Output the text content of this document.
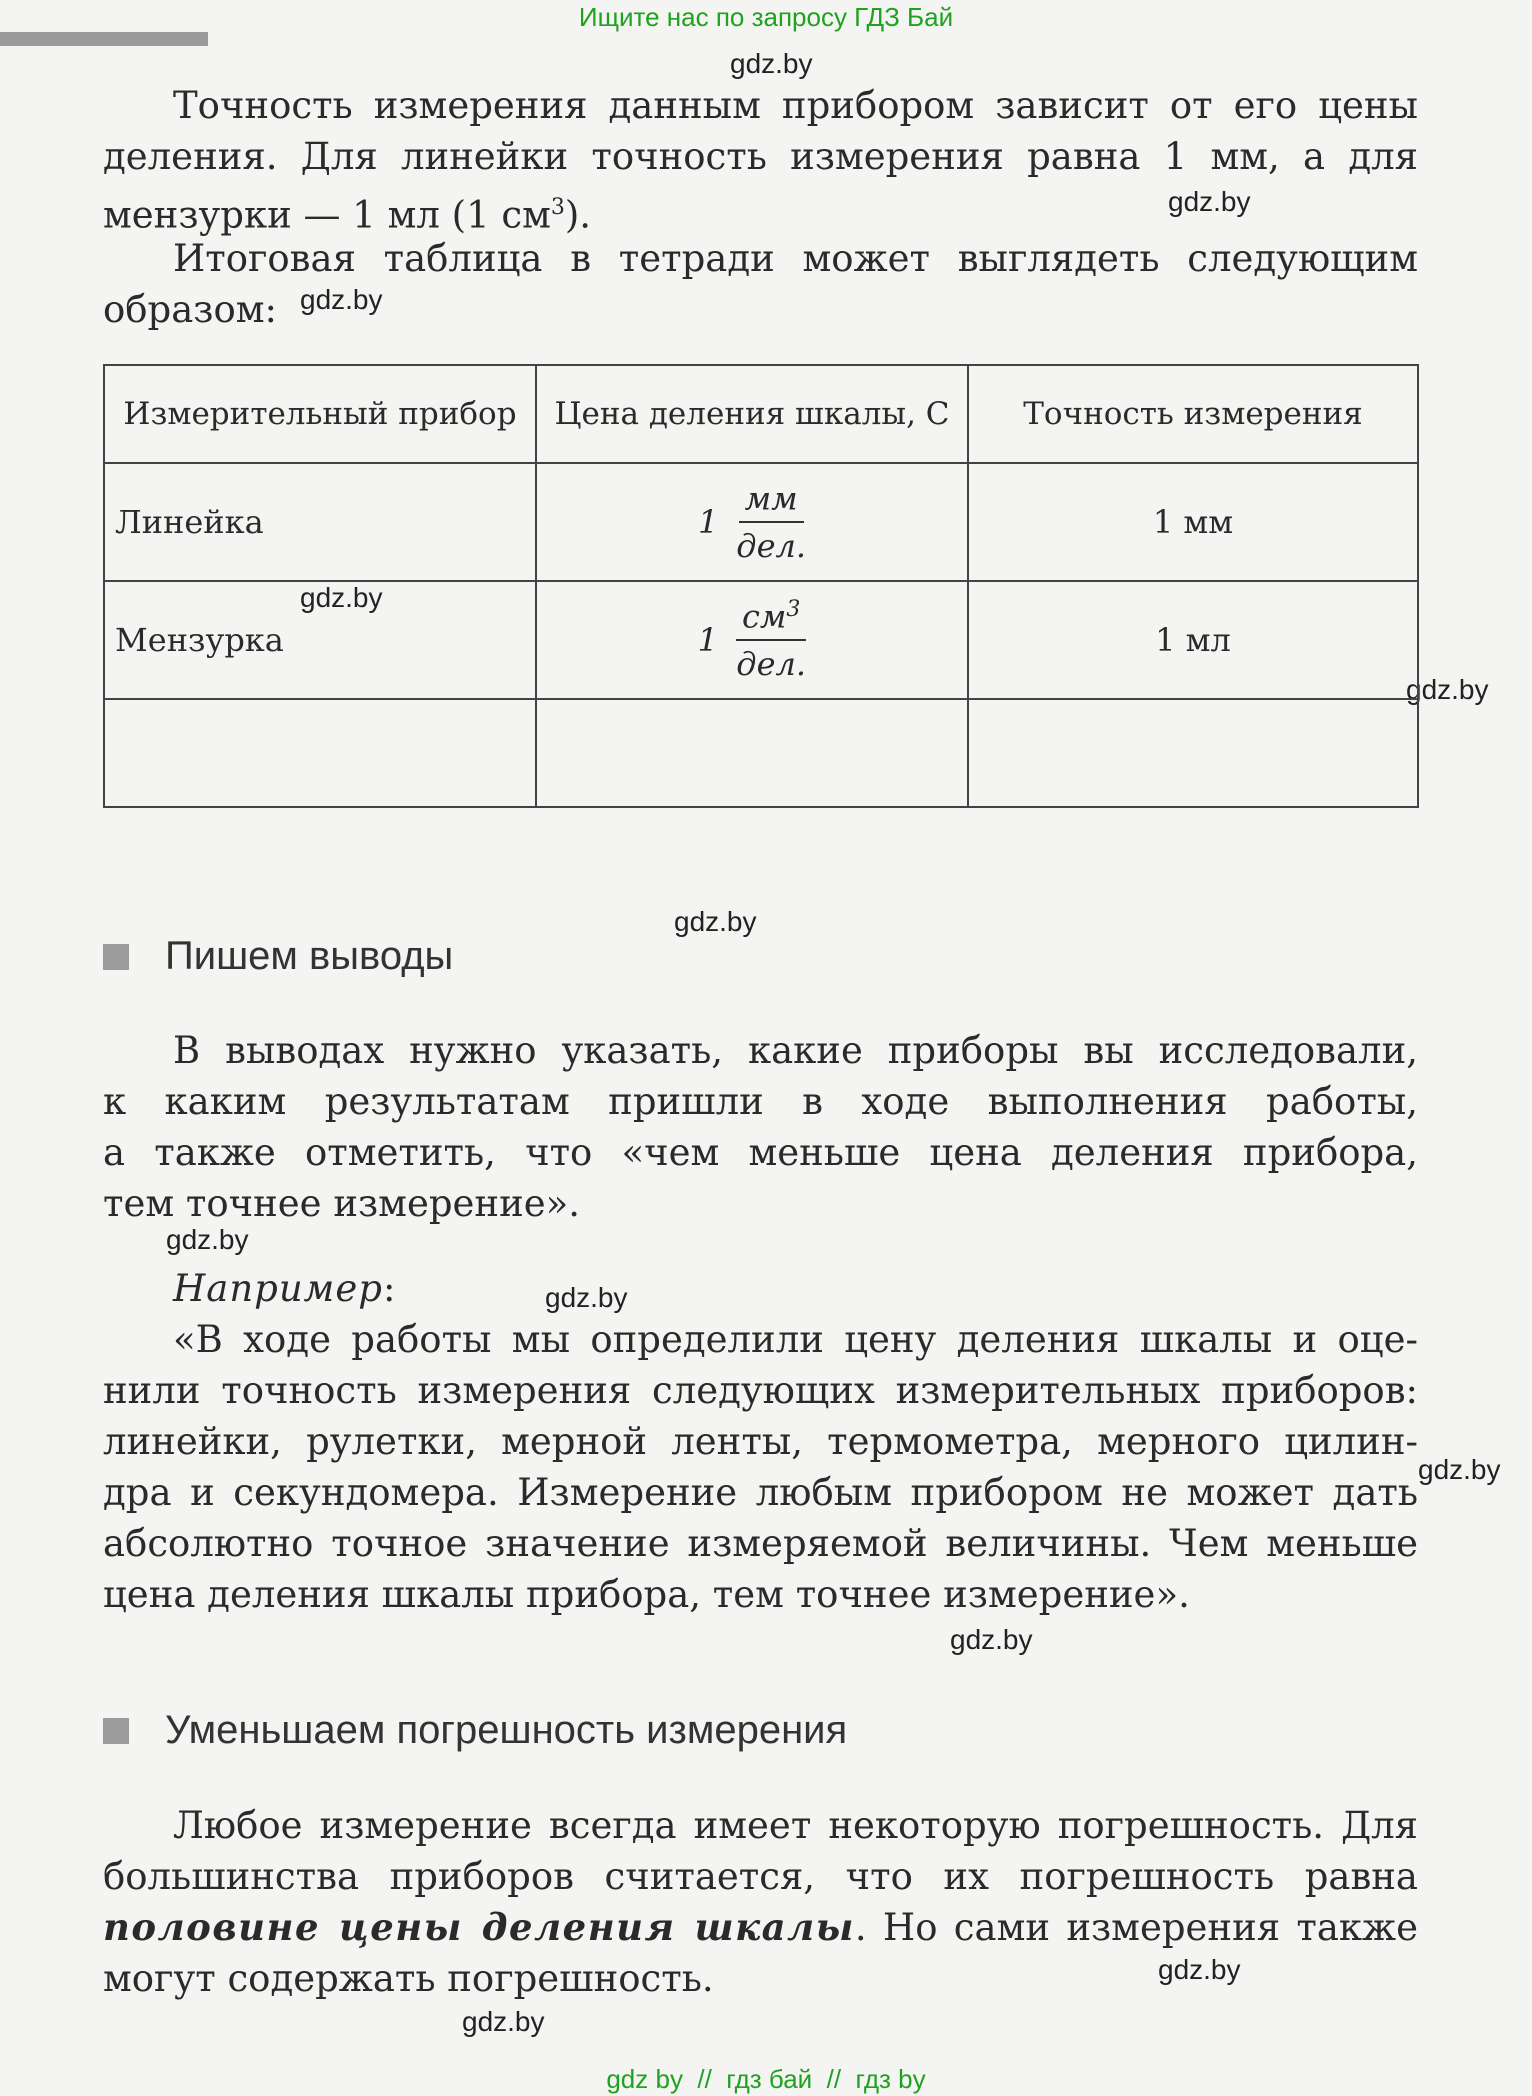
Ищите нас по запросу ГДЗ Бай
gdz.by
gdz.by
gdz.by
gdz.by
gdz.by
gdz.by
gdz.by
gdz.by
gdz.by
gdz.by
gdz.by
gdz.by
Точность измерения данным прибором зависит от его цены
деления. Для линейки точность измерения равна 1 мм, а для
мензурки — 1 мл (1 $см^3$).
Итоговая таблица в тетради может выглядеть следующим
образом:
Измерительный прибор	Цена деления шкалы, C	Точность измерения
Линейка	$1 \frac{мм}{\text{дел.}}$	1 мм
Мензурка	$1 \frac{см^3}{\text{дел.}}$	1 мл

Пишем выводы
В выводах нужно указать, какие приборы вы исследовали,
к каким результатам пришли в ходе выполнения работы,
а также отметить, что «чем меньше цена деления прибора,
тем точнее измерение».
Например:
«В ходе работы мы определили цену деления шкалы и оце-
нили точность измерения следующих измерительных приборов:
линейки, рулетки, мерной ленты, термометра, мерного цилин-
дра и секундомера. Измерение любым прибором не может дать
абсолютно точное значение измеряемой величины. Чем меньше
цена деления шкалы прибора, тем точнее измерение».
Уменьшаем погрешность измерения
Любое измерение всегда имеет некоторую погрешность. Для
большинства приборов считается, что их погрешность равна
половине цены деления шкалы. Но сами измерения также
могут содержать погрешность.
gdz by  //  гдз бай  //  гдз by
